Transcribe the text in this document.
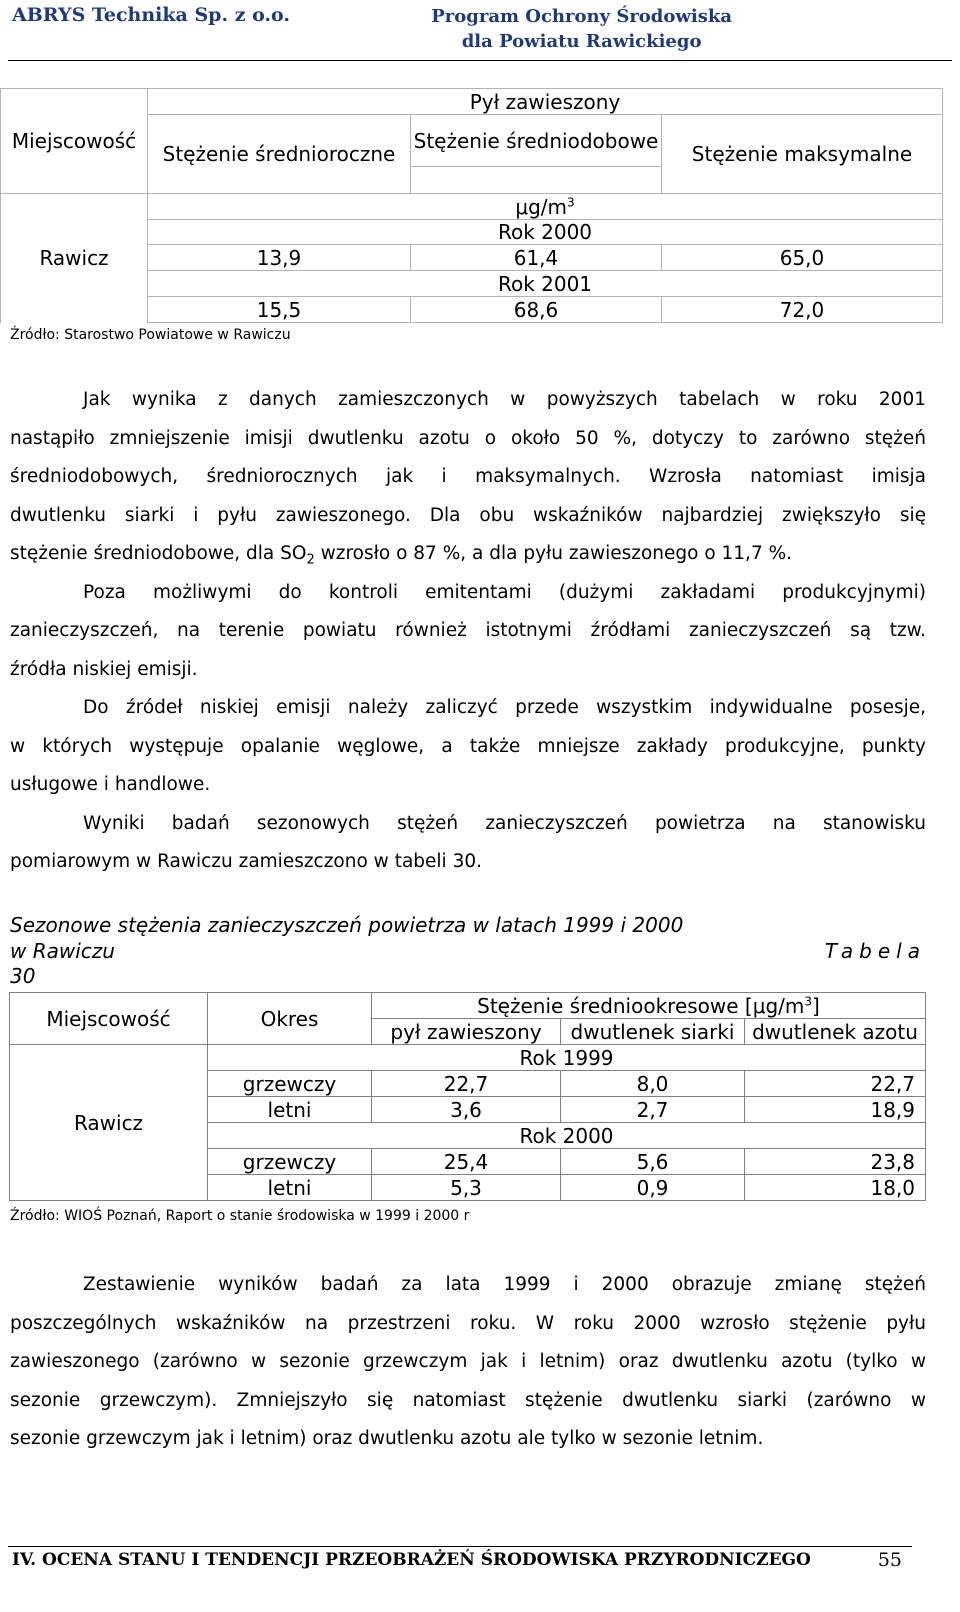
ABRYS Technika Sp. z o.o.	Program Ochrony Środowiska
dla Powiatu Rawickiego
Miejscowość	Pył zawieszony		
	Stężenie średnioroczne	Stężenie średniodobowe	Stężenie maksymalne

Rawicz	$\mu g/m^3$
	Rok 2000		
	13,9	61,4	65,0
	Rok 2001		
	15,5	68,6	72,0
Źródło: Starostwo Powiatowe w Rawiczu
Jak wynika z danych zamieszczonych w powyższych tabelach w roku 2001
nastąpiło zmniejszenie imisji dwutlenku azotu o około 50 %, dotyczy to zarówno stężeń
średniodobowych, średniorocznych jak i maksymalnych. Wzrosła natomiast imisja
dwutlenku siarki i pyłu zawieszonego. Dla obu wskaźników najbardziej zwiększyło się
stężenie średniodobowe, dla $SO_2$ wzrosło o 87 %, a dla pyłu zawieszonego o 11,7 %.
Poza możliwymi do kontroli emitentami (dużymi zakładami produkcyjnymi)
zanieczyszczeń, na terenie powiatu również istotnymi źródłami zanieczyszczeń są tzw.
źródła niskiej emisji.
Do źródeł niskiej emisji należy zaliczyć przede wszystkim indywidualne posesje,
w których występuje opalanie węglowe, a także mniejsze zakłady produkcyjne, punkty
usługowe i handlowe.
Wyniki badań sezonowych stężeń zanieczyszczeń powietrza na stanowisku
pomiarowym w Rawiczu zamieszczono w tabeli 30.
Sezonowe stężenia zanieczyszczeń powietrza w latach 1999 i 2000
w Rawiczu	Tabela
30
Miejscowość	Okres	Stężenie średniookresowe $[\mu g/m^3]$		
		pył zawieszony	dwutlenek siarki	dwutlenek azotu
Rawicz	Rok 1999			
	grzewczy	22,7	8,0	22,7
	letni	3,6	2,7	18,9
	Rok 2000			
	grzewczy	25,4	5,6	23,8
	letni	5,3	0,9	18,0
Źródło: WIOŚ Poznań, Raport o stanie środowiska w 1999 i 2000 r
Zestawienie wyników badań za lata 1999 i 2000 obrazuje zmianę stężeń
poszczególnych wskaźników na przestrzeni roku. W roku 2000 wzrosło stężenie pyłu
zawieszonego (zarówno w sezonie grzewczym jak i letnim) oraz dwutlenku azotu (tylko w
sezonie grzewczym). Zmniejszyło się natomiast stężenie dwutlenku siarki (zarówno w
sezonie grzewczym jak i letnim) oraz dwutlenku azotu ale tylko w sezonie letnim.
IV. OCENA STANU I TENDENCJI PRZEOBRAŻEŃ ŚRODOWISKA PRZYRODNICZEGO	55
